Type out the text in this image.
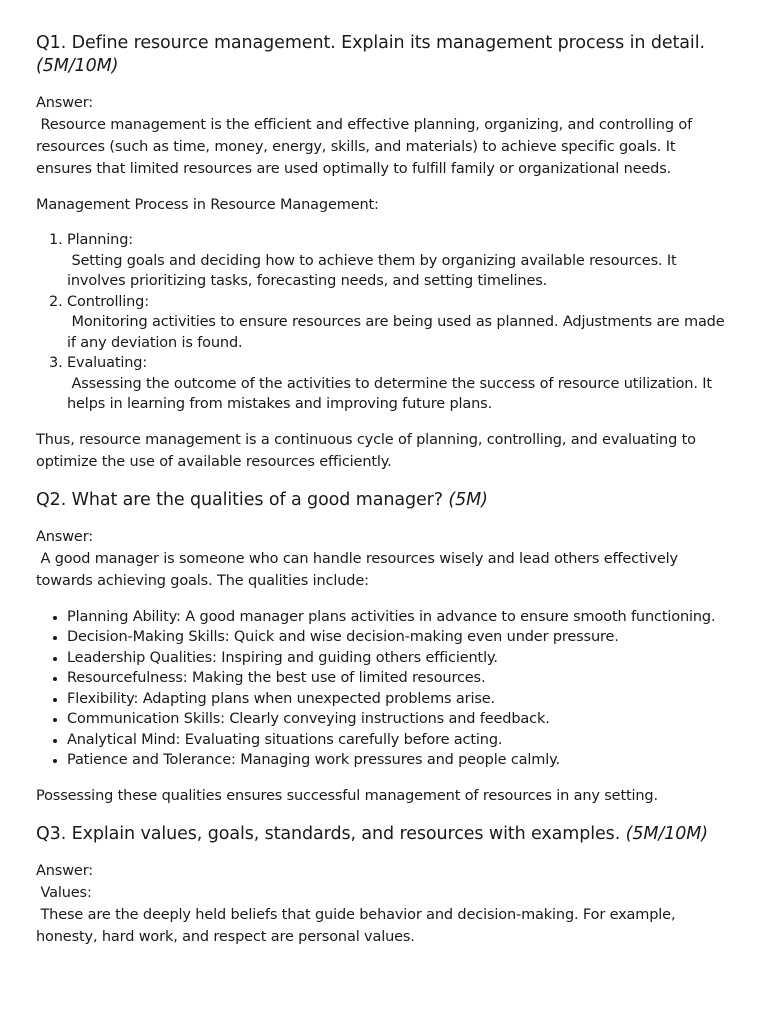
Q1. Define resource management. Explain its management process in detail.
(5M/10M)

Answer:
Resource management is the efficient and effective planning, organizing, and controlling of resources (such as time, money, energy, skills, and materials) to achieve specific goals. It ensures that limited resources are used optimally to fulfill family or organizational needs.

Management Process in Resource Management:

1. Planning:
Setting goals and deciding how to achieve them by organizing available resources. It involves prioritizing tasks, forecasting needs, and setting timelines.
2. Controlling:
Monitoring activities to ensure resources are being used as planned. Adjustments are made if any deviation is found.
3. Evaluating:
Assessing the outcome of the activities to determine the success of resource utilization. It helps in learning from mistakes and improving future plans.

Thus, resource management is a continuous cycle of planning, controlling, and evaluating to optimize the use of available resources efficiently.

Q2. What are the qualities of a good manager? (5M)

Answer:
A good manager is someone who can handle resources wisely and lead others effectively towards achieving goals. The qualities include:

• Planning Ability: A good manager plans activities in advance to ensure smooth functioning.
• Decision-Making Skills: Quick and wise decision-making even under pressure.
• Leadership Qualities: Inspiring and guiding others efficiently.
• Resourcefulness: Making the best use of limited resources.
• Flexibility: Adapting plans when unexpected problems arise.
• Communication Skills: Clearly conveying instructions and feedback.
• Analytical Mind: Evaluating situations carefully before acting.
• Patience and Tolerance: Managing work pressures and people calmly.

Possessing these qualities ensures successful management of resources in any setting.

Q3. Explain values, goals, standards, and resources with examples. (5M/10M)

Answer:
Values:
These are the deeply held beliefs that guide behavior and decision-making. For example, honesty, hard work, and respect are personal values.
